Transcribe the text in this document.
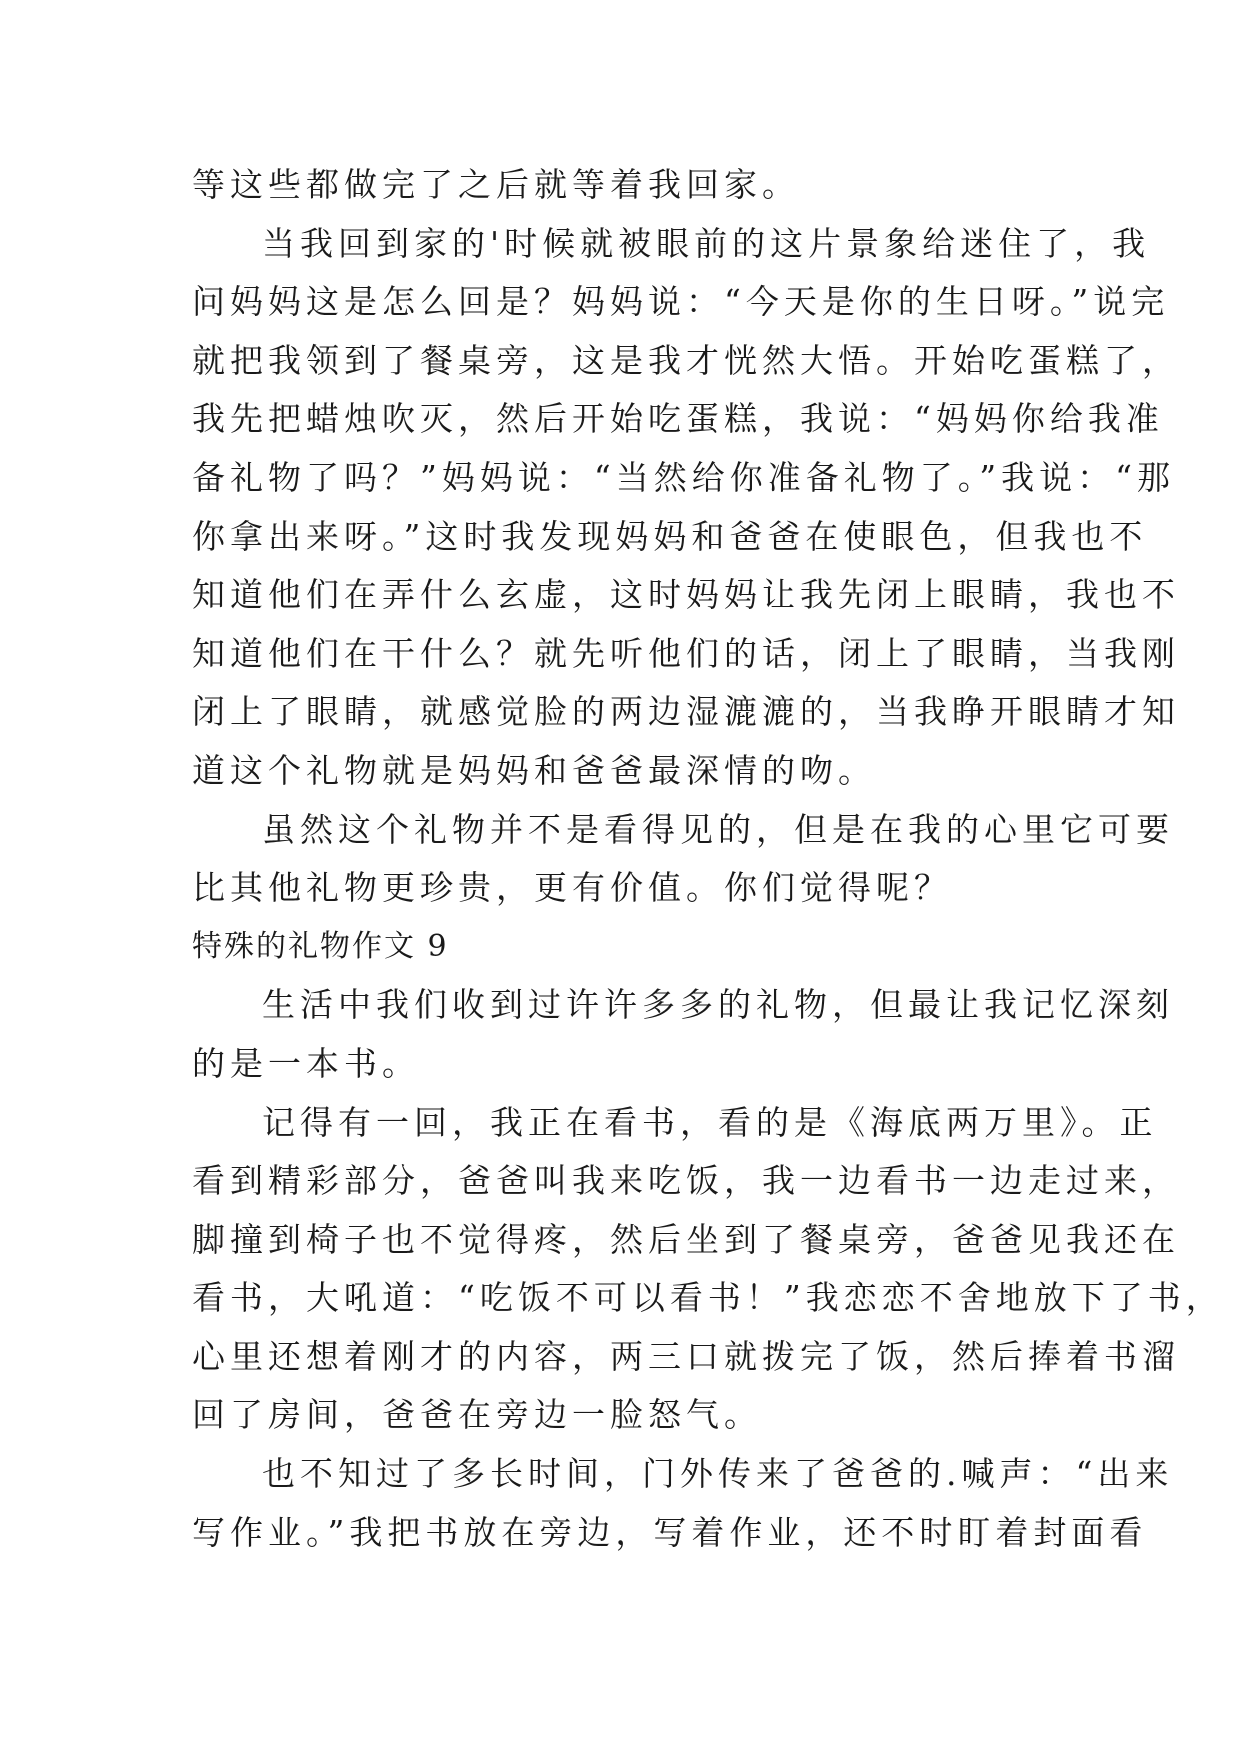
等这些都做完了之后就等着我回家。
当我回到家的'时候就被眼前的这片景象给迷住了，我
问妈妈这是怎么回是？妈妈说：“今天是你的生日呀。”说完
就把我领到了餐桌旁，这是我才恍然大悟。开始吃蛋糕了，
我先把蜡烛吹灭，然后开始吃蛋糕，我说：“妈妈你给我准
备礼物了吗？”妈妈说：“当然给你准备礼物了。”我说：“那
你拿出来呀。”这时我发现妈妈和爸爸在使眼色，但我也不
知道他们在弄什么玄虚，这时妈妈让我先闭上眼睛，我也不
知道他们在干什么？就先听他们的话，闭上了眼睛，当我刚
闭上了眼睛，就感觉脸的两边湿漉漉的，当我睁开眼睛才知
道这个礼物就是妈妈和爸爸最深情的吻。
虽然这个礼物并不是看得见的，但是在我的心里它可要
比其他礼物更珍贵，更有价值。你们觉得呢？
特殊的礼物作文 9
生活中我们收到过许许多多的礼物，但最让我记忆深刻
的是一本书。
记得有一回，我正在看书，看的是《海底两万里》。正
看到精彩部分，爸爸叫我来吃饭，我一边看书一边走过来，
脚撞到椅子也不觉得疼，然后坐到了餐桌旁，爸爸见我还在
看书，大吼道：“吃饭不可以看书！”我恋恋不舍地放下了书，
心里还想着刚才的内容，两三口就拨完了饭，然后捧着书溜
回了房间，爸爸在旁边一脸怒气。
也不知过了多长时间，门外传来了爸爸的.喊声：“出来
写作业。”我把书放在旁边，写着作业，还不时盯着封面看
